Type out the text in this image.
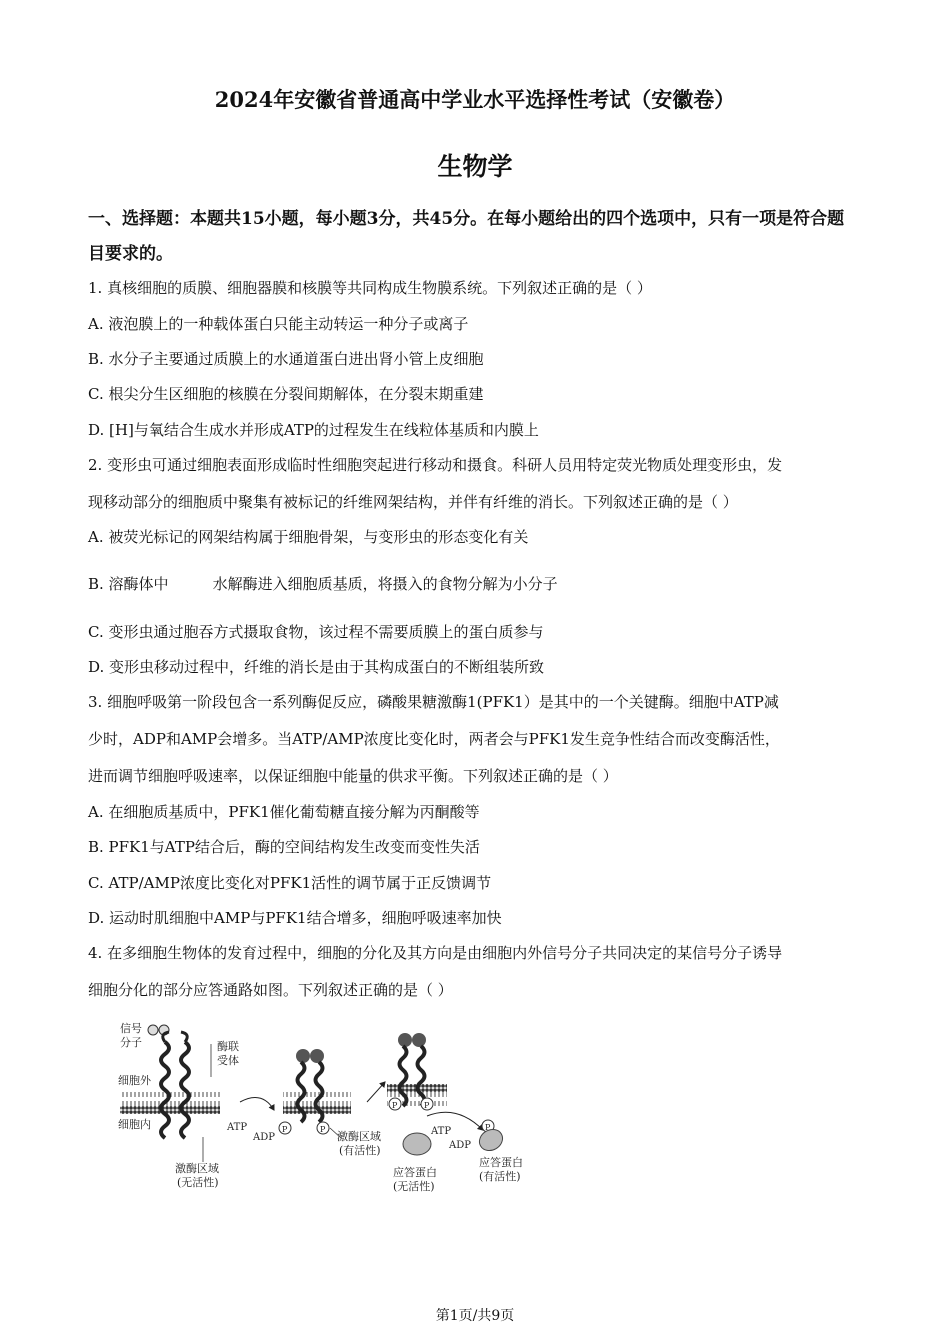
2024年安徽省普通高中学业水平选择性考试（安徽卷）
生物学
一、选择题：本题共15小题，每小题3分，共45分。在每小题给出的四个选项中，只有一项是符合题目要求的。
1. 真核细胞的质膜、细胞器膜和核膜等共同构成生物膜系统。下列叙述正确的是（ ）
A. 液泡膜上的一种载体蛋白只能主动转运一种分子或离子
B. 水分子主要通过质膜上的水通道蛋白进出肾小管上皮细胞
C. 根尖分生区细胞的核膜在分裂间期解体，在分裂末期重建
D. [H]与氧结合生成水并形成ATP的过程发生在线粒体基质和内膜上
2. 变形虫可通过细胞表面形成临时性细胞突起进行移动和摄食。科研人员用特定荧光物质处理变形虫，发
现移动部分的细胞质中聚集有被标记的纤维网架结构，并伴有纤维的消长。下列叙述正确的是（ ）
A. 被荧光标记的网架结构属于细胞骨架，与变形虫的形态变化有关
B. 溶酶体中	水解酶进入细胞质基质，将摄入的食物分解为小分子
C. 变形虫通过胞吞方式摄取食物，该过程不需要质膜上的蛋白质参与
D. 变形虫移动过程中，纤维的消长是由于其构成蛋白的不断组装所致
3. 细胞呼吸第一阶段包含一系列酶促反应，磷酸果糖激酶1(PFK1）是其中的一个关键酶。细胞中ATP减
少时，ADP和AMP会增多。当ATP/AMP浓度比变化时，两者会与PFK1发生竞争性结合而改变酶活性，
进而调节细胞呼吸速率，以保证细胞中能量的供求平衡。下列叙述正确的是（ ）
A. 在细胞质基质中，PFK1催化葡萄糖直接分解为丙酮酸等
B. PFK1与ATP结合后，酶的空间结构发生改变而变性失活
C. ATP/AMP浓度比变化对PFK1活性的调节属于正反馈调节
D. 运动时肌细胞中AMP与PFK1结合增多，细胞呼吸速率加快
4. 在多细胞生物体的发育过程中，细胞的分化及其方向是由细胞内外信号分子共同决定的某信号分子诱导
细胞分化的部分应答通路如图。下列叙述正确的是（ ）
信号
分子
细胞外
细胞内
酶联
受体
激酶区域
(无活性)
ATP
ADP
P	P
激酶区域
(有活性)
P	P
ATP
ADP
P
应答蛋白
(无活性)
应答蛋白
(有活性)
第1页/共9页
